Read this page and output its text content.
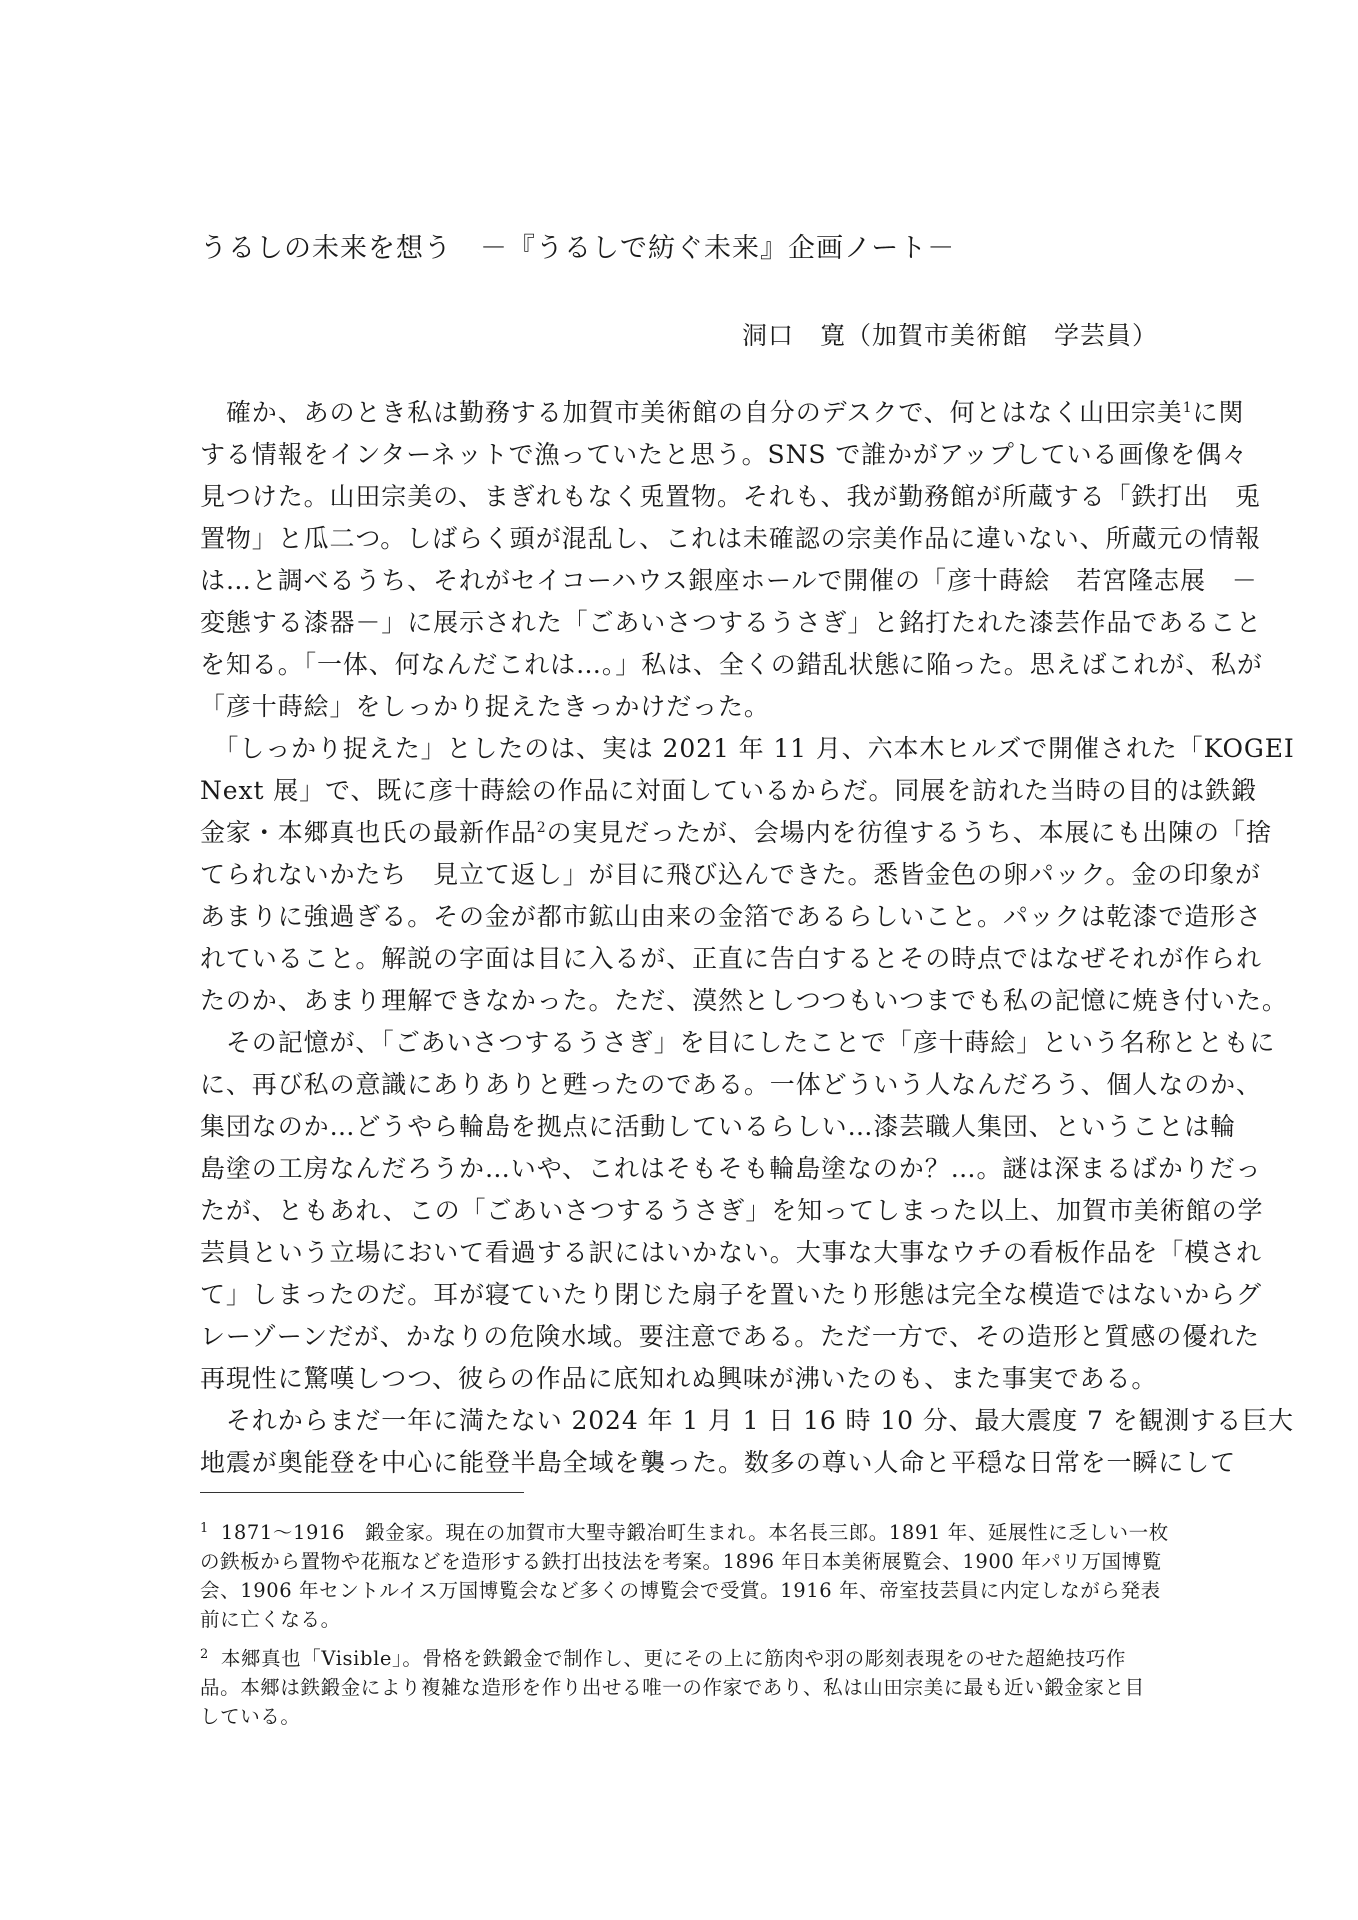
うるしの未来を想う　－『うるしで紡ぐ未来』企画ノート－
洞口　寛（加賀市美術館　学芸員）
　確か、あのとき私は勤務する加賀市美術館の自分のデスクで、何とはなく山田宗美$^1$に関
する情報をインターネットで漁っていたと思う。SNS で誰かがアップしている画像を偶々
見つけた。山田宗美の、まぎれもなく兎置物。それも、我が勤務館が所蔵する「鉄打出　兎
置物」と瓜二つ。しばらく頭が混乱し、これは未確認の宗美作品に違いない、所蔵元の情報
は…と調べるうち、それがセイコーハウス銀座ホールで開催の「彦十蒔絵　若宮隆志展　－
変態する漆器－」に展示された「ごあいさつするうさぎ」と銘打たれた漆芸作品であること
を知る。「一体、何なんだこれは…。」私は、全くの錯乱状態に陥った。思えばこれが、私が
「彦十蒔絵」をしっかり捉えたきっかけだった。
　「しっかり捉えた」としたのは、実は 2021 年 11 月、六本木ヒルズで開催された「KOGEI
Next 展」で、既に彦十蒔絵の作品に対面しているからだ。同展を訪れた当時の目的は鉄鍛
金家・本郷真也氏の最新作品$^2$の実見だったが、会場内を彷徨するうち、本展にも出陳の「捨
てられないかたち　見立て返し」が目に飛び込んできた。悉皆金色の卵パック。金の印象が
あまりに強過ぎる。その金が都市鉱山由来の金箔であるらしいこと。パックは乾漆で造形さ
れていること。解説の字面は目に入るが、正直に告白するとその時点ではなぜそれが作られ
たのか、あまり理解できなかった。ただ、漠然としつつもいつまでも私の記憶に焼き付いた。
　その記憶が、「ごあいさつするうさぎ」を目にしたことで「彦十蒔絵」という名称とともに
に、再び私の意識にありありと甦ったのである。一体どういう人なんだろう、個人なのか、
集団なのか…どうやら輪島を拠点に活動しているらしい…漆芸職人集団、ということは輪
島塗の工房なんだろうか…いや、これはそもそも輪島塗なのか？…。謎は深まるばかりだっ
たが、ともあれ、この「ごあいさつするうさぎ」を知ってしまった以上、加賀市美術館の学
芸員という立場において看過する訳にはいかない。大事な大事なウチの看板作品を「模され
て」しまったのだ。耳が寝ていたり閉じた扇子を置いたり形態は完全な模造ではないからグ
レーゾーンだが、かなりの危険水域。要注意である。ただ一方で、その造形と質感の優れた
再現性に驚嘆しつつ、彼らの作品に底知れぬ興味が沸いたのも、また事実である。
　それからまだ一年に満たない 2024 年 1 月 1 日 16 時 10 分、最大震度 7 を観測する巨大
地震が奥能登を中心に能登半島全域を襲った。数多の尊い人命と平穏な日常を一瞬にして
$^1$ 1871～1916　鍛金家。現在の加賀市大聖寺鍛冶町生まれ。本名長三郎。1891 年、延展性に乏しい一枚
の鉄板から置物や花瓶などを造形する鉄打出技法を考案。1896 年日本美術展覧会、1900 年パリ万国博覧
会、1906 年セントルイス万国博覧会など多くの博覧会で受賞。1916 年、帝室技芸員に内定しながら発表
前に亡くなる。
$^2$ 本郷真也「Visible」。骨格を鉄鍛金で制作し、更にその上に筋肉や羽の彫刻表現をのせた超絶技巧作
品。本郷は鉄鍛金により複雑な造形を作り出せる唯一の作家であり、私は山田宗美に最も近い鍛金家と目
している。
